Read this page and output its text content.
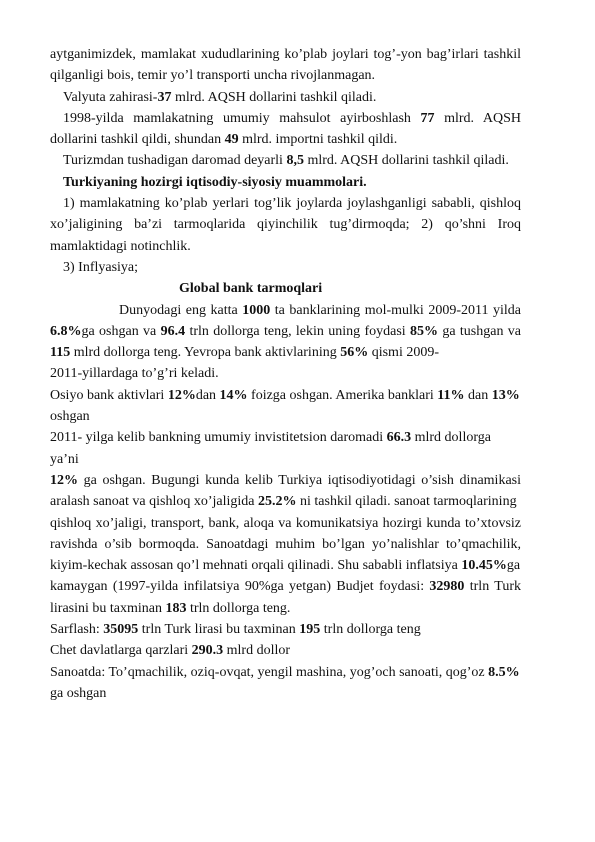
aytganimizdek, mamlakat xududlarining ko’plab joylari tog’-yon bag’irlari tashkil

qilganligi bois, temir yo’l transporti uncha rivojlanmagan.

Valyuta zahirasi-37 mlrd. AQSH dollarini tashkil qiladi.

1998-yilda mamlakatning umumiy mahsulot ayirboshlash 77 mlrd. AQSH

dollarini tashkil qildi, shundan 49 mlrd. importni tashkil qildi.

Turizmdan tushadigan daromad deyarli 8,5 mlrd. AQSH dollarini tashkil qiladi.

Turkiyaning hozirgi iqtisodiy-siyosiy muammolari.

1) mamlakatning ko’plab yerlari tog’lik joylarda joylashganligi sababli, qishloq

xo’jaligining ba’zi tarmoqlarida qiyinchilik tug’dirmoqda; 2) qo’shni Iroq

mamlaktidagi notinchlik.

3) Inflyasiya;

Global bank tarmoqlari

Dunyodagi eng katta 1000 ta banklarining mol-mulki 2009-2011 yilda

6.8%ga oshgan va 96.4 trln dollorga teng, lekin uning foydasi 85% ga tushgan va

115 mlrd dollorga teng. Yevropa bank aktivlarining 56% qismi 2009-

2011-yillardaga to’g’ri keladi.

Osiyo bank aktivlari 12%dan 14% foizga oshgan. Amerika banklari 11% dan 13%

oshgan

2011- yilga kelib bankning umumiy invistitetsion daromadi 66.3 mlrd dollorga ya’ni

12% ga oshgan. Bugungi kunda kelib Turkiya iqtisodiyotidagi o’sish dinamikasi

aralash sanoat va qishloq xo’jaligida 25.2% ni tashkil qiladi. sanoat tarmoqlarining

qishloq xo’jaligi, transport, bank, aloqa va komunikatsiya hozirgi kunda to’xtovsiz

ravishda o’sib bormoqda. Sanoatdagi muhim bo’lgan yo’nalishlar to’qmachilik,

kiyim-kechak assosan qo’l mehnati orqali qilinadi. Shu sababli inflatsiya 10.45%ga

kamaygan (1997-yilda infilatsiya 90%ga yetgan) Budjet foydasi: 32980 trln Turk

lirasini bu taxminan 183 trln dollorga teng.

Sarflash: 35095 trln Turk lirasi bu taxminan 195 trln dollorga teng

Chet davlatlarga qarzlari 290.3 mlrd dollor

Sanoatda: To’qmachilik, oziq-ovqat, yengil mashina, yog’och sanoati, qog’oz 8.5%

ga oshgan
